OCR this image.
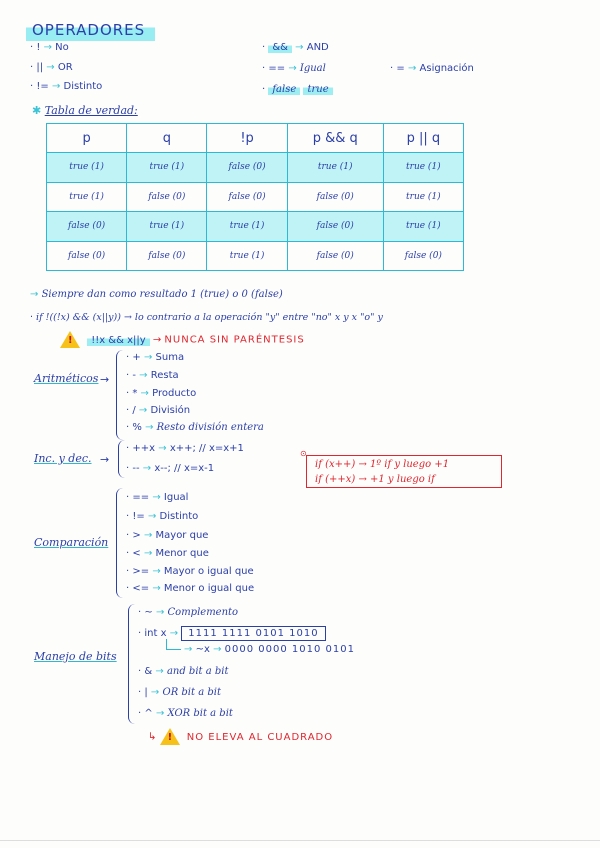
OPERADORES
· ! → No
· || → OR
· != → Distinto
· && → AND
· == → Igual
· false true
· = → Asignación
✱ Tabla de verdad:
p	q	!p	p && q	p || q
true (1)	true (1)	false (0)	true (1)	true (1)
true (1)	false (0)	false (0)	false (0)	true (1)
false (0)	true (1)	true (1)	false (0)	true (1)
false (0)	false (0)	true (1)	false (0)	false (0)
→ Siempre dan como resultado 1 (true) o 0 (false)
· if !((!x) && (x||y)) → lo contrario a la operación "y" entre "no" x y x "o" y
! !!x && x||y → NUNCA SIN PARÉNTESIS
Aritméticos →
· + → Suma
· - → Resta
· * → Producto
· / → División
· % → Resto división entera
Inc. y dec. →
· ++x → x++; // x=x+1
· -- → x--; // x=x-1	if (x++) → 1º if y luego +1
if (++x) → +1 y luego if
⊙
Comparación
· == → Igual
· != → Distinto
· > → Mayor que
· < → Menor que
· >= → Mayor o igual que
· <= → Menor o igual que
Manejo de bits
· ~ → Complemento
· int x → 1111 1111 0101 1010
→ ~x → 0000 0000 1010 0101
· & → and bit a bit
· | → OR bit a bit
· ^ → XOR bit a bit
↳ !	NO ELEVA AL CUADRADO
